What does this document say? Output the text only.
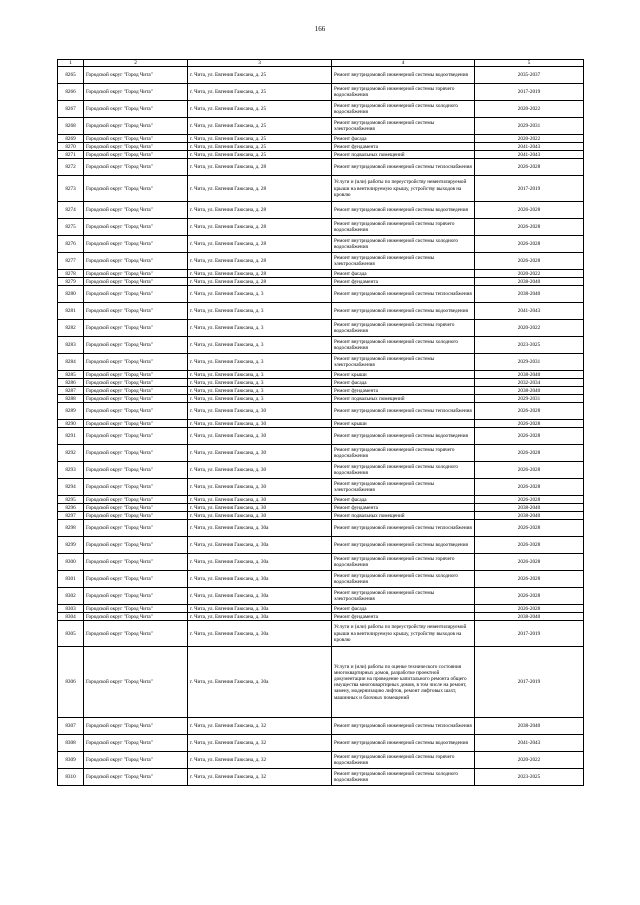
166
1	2	3	4	5
8265	Городской округ "Город Чита"	г. Чита, ул. Евгения Гаюсана, д. 25	Ремонт внутридомовой инженерной системы водоотведения	2035-2037
8266	Городской округ "Город Чита"	г. Чита, ул. Евгения Гаюсана, д. 25	Ремонт внутридомовой инженерной системы горячего водоснабжения	2017-2019
8267	Городской округ "Город Чита"	г. Чита, ул. Евгения Гаюсана, д. 25	Ремонт внутридомовой инженерной системы холодного водоснабжения	2020-2022
8268	Городской округ "Город Чита"	г. Чита, ул. Евгения Гаюсана, д. 25	Ремонт внутридомовой инженерной системы электроснабжения	2029-2031
8269	Городской округ "Город Чита"	г. Чита, ул. Евгения Гаюсана, д. 25	Ремонт фасада	2020-2022
8270	Городской округ "Город Чита"	г. Чита, ул. Евгения Гаюсана, д. 25	Ремонт фундамента	2041-2043
8271	Городской округ "Город Чита"	г. Чита, ул. Евгения Гаюсана, д. 25	Ремонт подвальных помещений	2041-2043
8272	Городской округ "Город Чита"	г. Чита, ул. Евгения Гаюсана, д. 28	Ремонт внутридомовой инженерной системы теплоснабжения	2026-2028
8273	Городской округ "Город Чита"	г. Чита, ул. Евгения Гаюсана, д. 28	Услуги и (или) работы по переустройству невентилируемой крыши на вентилируемую крышу, устройству выходов на кровлю	2017-2019
8274	Городской округ "Город Чита"	г. Чита, ул. Евгения Гаюсана, д. 28	Ремонт внутридомовой инженерной системы водоотведения	2026-2028
8275	Городской округ "Город Чита"	г. Чита, ул. Евгения Гаюсана, д. 28	Ремонт внутридомовой инженерной системы горячего водоснабжения	2026-2028
8276	Городской округ "Город Чита"	г. Чита, ул. Евгения Гаюсана, д. 28	Ремонт внутридомовой инженерной системы холодного водоснабжения	2026-2028
8277	Городской округ "Город Чита"	г. Чита, ул. Евгения Гаюсана, д. 28	Ремонт внутридомовой инженерной системы электроснабжения	2026-2028
8278	Городской округ "Город Чита"	г. Чита, ул. Евгения Гаюсана, д. 28	Ремонт фасада	2020-2022
8279	Городской округ "Город Чита"	г. Чита, ул. Евгения Гаюсана, д. 28	Ремонт фундамента	2038-2040
8280	Городской округ "Город Чита"	г. Чита, ул. Евгения Гаюсана, д. 3	Ремонт внутридомовой инженерной системы теплоснабжения	2038-2040
8281	Городской округ "Город Чита"	г. Чита, ул. Евгения Гаюсана, д. 3	Ремонт внутридомовой инженерной системы водоотведения	2041-2043
8282	Городской округ "Город Чита"	г. Чита, ул. Евгения Гаюсана, д. 3	Ремонт внутридомовой инженерной системы горячего водоснабжения	2020-2022
8283	Городской округ "Город Чита"	г. Чита, ул. Евгения Гаюсана, д. 3	Ремонт внутридомовой инженерной системы холодного водоснабжения	2023-2025
8284	Городской округ "Город Чита"	г. Чита, ул. Евгения Гаюсана, д. 3	Ремонт внутридомовой инженерной системы электроснабжения	2029-2031
8285	Городской округ "Город Чита"	г. Чита, ул. Евгения Гаюсана, д. 3	Ремонт крыши	2038-2040
8286	Городской округ "Город Чита"	г. Чита, ул. Евгения Гаюсана, д. 3	Ремонт фасада	2032-2034
8287	Городской округ "Город Чита"	г. Чита, ул. Евгения Гаюсана, д. 3	Ремонт фундамента	2038-2040
8288	Городской округ "Город Чита"	г. Чита, ул. Евгения Гаюсана, д. 3	Ремонт подвальных помещений	2029-2031
8289	Городской округ "Город Чита"	г. Чита, ул. Евгения Гаюсана, д. 30	Ремонт внутридомовой инженерной системы теплоснабжения	2026-2028
8290	Городской округ "Город Чита"	г. Чита, ул. Евгения Гаюсана, д. 30	Ремонт крыши	2026-2028
8291	Городской округ "Город Чита"	г. Чита, ул. Евгения Гаюсана, д. 30	Ремонт внутридомовой инженерной системы водоотведения	2026-2028
8292	Городской округ "Город Чита"	г. Чита, ул. Евгения Гаюсана, д. 30	Ремонт внутридомовой инженерной системы горячего водоснабжения	2026-2028
8293	Городской округ "Город Чита"	г. Чита, ул. Евгения Гаюсана, д. 30	Ремонт внутридомовой инженерной системы холодного водоснабжения	2026-2028
8294	Городской округ "Город Чита"	г. Чита, ул. Евгения Гаюсана, д. 30	Ремонт внутридомовой инженерной системы электроснабжения	2026-2028
8295	Городской округ "Город Чита"	г. Чита, ул. Евгения Гаюсана, д. 30	Ремонт фасада	2026-2028
8296	Городской округ "Город Чита"	г. Чита, ул. Евгения Гаюсана, д. 30	Ремонт фундамента	2038-2040
8297	Городской округ "Город Чита"	г. Чита, ул. Евгения Гаюсана, д. 30	Ремонт подвальных помещений	2038-2040
8298	Городской округ "Город Чита"	г. Чита, ул. Евгения Гаюсана, д. 30а	Ремонт внутридомовой инженерной системы теплоснабжения	2026-2028
8299	Городской округ "Город Чита"	г. Чита, ул. Евгения Гаюсана, д. 30а	Ремонт внутридомовой инженерной системы водоотведения	2026-2028
8300	Городской округ "Город Чита"	г. Чита, ул. Евгения Гаюсана, д. 30а	Ремонт внутридомовой инженерной системы горячего водоснабжения	2026-2028
8301	Городской округ "Город Чита"	г. Чита, ул. Евгения Гаюсана, д. 30а	Ремонт внутридомовой инженерной системы холодного водоснабжения	2026-2028
8302	Городской округ "Город Чита"	г. Чита, ул. Евгения Гаюсана, д. 30а	Ремонт внутридомовой инженерной системы электроснабжения	2026-2028
8303	Городской округ "Город Чита"	г. Чита, ул. Евгения Гаюсана, д. 30а	Ремонт фасада	2026-2028
8304	Городской округ "Город Чита"	г. Чита, ул. Евгения Гаюсана, д. 30а	Ремонт фундамента	2038-2040
8305	Городской округ "Город Чита"	г. Чита, ул. Евгения Гаюсана, д. 30а	Услуги и (или) работы по переустройству невентилируемой крыши на вентилируемую крышу, устройству выходов на кровлю	2017-2019
8306	Городской округ "Город Чита"	г. Чита, ул. Евгения Гаюсана, д. 30а	Услуги и (или) работы по оценке технического состояния многоквартирных домов, разработке проектной документации на проведение капитального ремонта общего имущества многоквартирных домов, в том числе на ремонт, замену, модернизацию лифтов, ремонт лифтовых шахт, машинных и блочных помещений	2017-2019
8307	Городской округ "Город Чита"	г. Чита, ул. Евгения Гаюсана, д. 32	Ремонт внутридомовой инженерной системы теплоснабжения	2038-2040
8308	Городской округ "Город Чита"	г. Чита, ул. Евгения Гаюсана, д. 32	Ремонт внутридомовой инженерной системы водоотведения	2041-2043
8309	Городской округ "Город Чита"	г. Чита, ул. Евгения Гаюсана, д. 32	Ремонт внутридомовой инженерной системы горячего водоснабжения	2020-2022
8310	Городской округ "Город Чита"	г. Чита, ул. Евгения Гаюсана, д. 32	Ремонт внутридомовой инженерной системы холодного водоснабжения	2023-2025
